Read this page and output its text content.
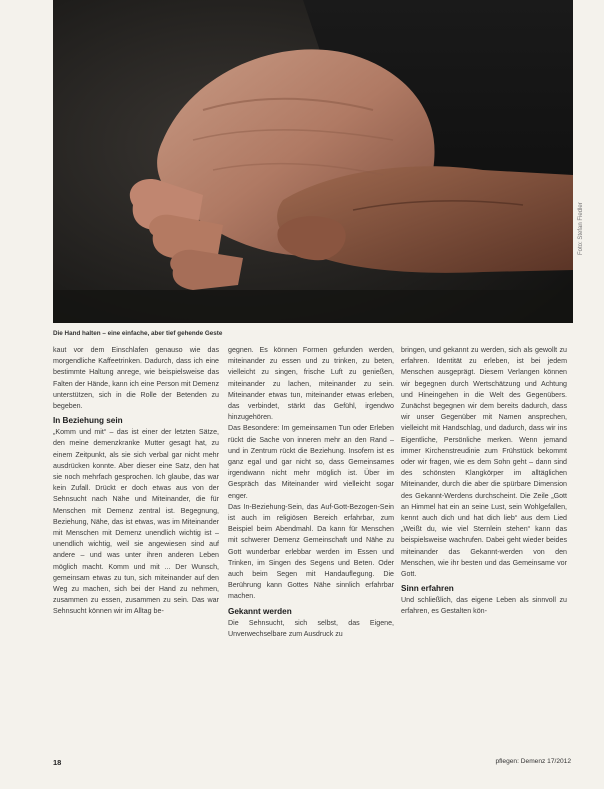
Foto: Stefan Fiedler
Die Hand halten – eine einfache, aber tief gehende Geste

kaut vor dem Einschlafen genauso wie das morgendliche Kaffeetrinken. Dadurch, dass ich eine bestimmte Haltung anrege, wie beispielsweise das Falten der Hände, kann ich eine Person mit Demenz unterstützen, sich in die Rolle der Betenden zu begeben.

In Beziehung sein

„Komm und mit“ – das ist einer der letzten Sätze, den meine demenzkranke Mutter gesagt hat, zu einem Zeitpunkt, als sie sich verbal gar nicht mehr ausdrücken konnte. Aber dieser eine Satz, den hat sie noch mehrfach gesprochen. Ich glaube, das war kein Zufall. Drückt er doch etwas aus von der Sehnsucht nach Nähe und Miteinander, die für Menschen mit Demenz zentral ist. Begegnung, Beziehung, Nähe, das ist etwas, was im Miteinander mit Menschen mit Demenz unendlich wichtig ist – unendlich wichtig, weil sie angewiesen sind auf andere – und was unter ihren anderen Leben möglich macht. Komm und mit ... Der Wunsch, gemeinsam etwas zu tun, sich miteinander auf den Weg zu machen, sich bei der Hand zu nehmen, zusammen zu essen, zusammen zu sein. Das war Sehnsucht können wir im Alltag be-

gegnen. Es können Formen gefunden werden, miteinander zu essen und zu trinken, zu beten, vielleicht zu singen, frische Luft zu genießen, miteinander zu lachen, miteinander zu sein. Miteinander etwas tun, miteinander etwas erleben, das verbindet, stärkt das Gefühl, irgendwo hinzugehören.

Das Besondere: Im gemeinsamen Tun oder Erleben rückt die Sache von inneren mehr an den Rand – und in Zentrum rückt die Beziehung. Insofern ist es ganz egal und gar nicht so, dass Gemeinsames irgendwann nicht mehr möglich ist. Über im Gespräch das Miteinander wird vielleicht sogar enger.

Das In-Beziehung-Sein, das Auf-Gott-Bezogen-Sein ist auch im religiösen Bereich erfahrbar, zum Beispiel beim Abendmahl. Da kann für Menschen mit schwerer Demenz Gemeinschaft und Nähe zu Gott wunderbar erlebbar werden im Essen und Trinken, im Singen des Segens und Beten. Oder auch beim Segen mit Handauflegung. Die Berührung kann Gottes Nähe sinnlich erfahrbar machen.

Gekannt werden

Die Sehnsucht, sich selbst, das Eigene, Unverwechselbare zum Ausdruck zu

bringen, und gekannt zu werden, sich als gewollt zu erfahren. Identität zu erleben, ist bei jedem Menschen ausgeprägt. Diesem Verlangen können wir begegnen durch Wertschätzung und Achtung und Hineingehen in die Welt des Gegenübers. Zunächst begegnen wir dem bereits dadurch, dass wir unser Gegenüber mit Namen ansprechen, vielleicht mit Handschlag, und dadurch, dass wir ins Eigentliche, Persönliche merken. Wenn jemand immer Kirchenstreudinie zum Frühstück bekommt oder wir fragen, wie es dem Sohn geht – dann sind des schönsten Klangkörper im alltäglichen Miteinander, durch die aber die spürbare Dimension des Gekannt-Werdens durchscheint. Die Zeile „Gott an Himmel hat ein an seine Lust, sein Wohlgefallen, kennt auch dich und hat dich lieb“ aus dem Lied „Weißt du, wie viel Sternlein stehen“ kann das beispielsweise wachrufen. Dabei geht wieder beides miteinander das Gekannt-werden von den Menschen, wie ihr besten und das Gemeinsame vor Gott.

Sinn erfahren

Und schließlich, das eigene Leben als sinnvoll zu erfahren, es Gestalten kön-

18	pflegen: Demenz 17/2012
